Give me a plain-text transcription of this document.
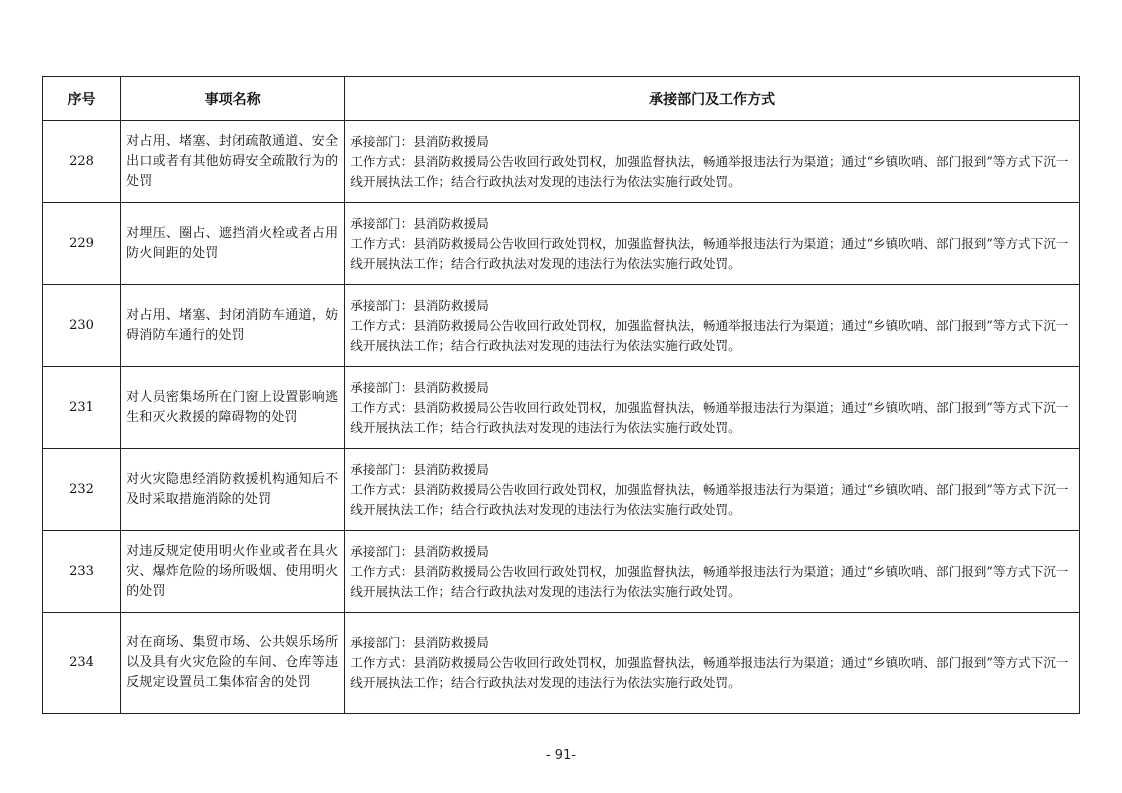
序号	事项名称	承接部门及工作方式
228	对占用、堵塞、封闭疏散通道、安全出口或者有其他妨碍安全疏散行为的处罚	承接部门：县消防救援局
工作方式：县消防救援局公告收回行政处罚权，加强监督执法，畅通举报违法行为渠道；通过“乡镇吹哨、部门报到”等方式下沉一线开展执法工作；结合行政执法对发现的违法行为依法实施行政处罚。

229	对埋压、圈占、遮挡消火栓或者占用防火间距的处罚	承接部门：县消防救援局
工作方式：县消防救援局公告收回行政处罚权，加强监督执法，畅通举报违法行为渠道；通过“乡镇吹哨、部门报到”等方式下沉一线开展执法工作；结合行政执法对发现的违法行为依法实施行政处罚。

230	对占用、堵塞、封闭消防车通道，妨碍消防车通行的处罚	承接部门：县消防救援局
工作方式：县消防救援局公告收回行政处罚权，加强监督执法，畅通举报违法行为渠道；通过“乡镇吹哨、部门报到”等方式下沉一线开展执法工作；结合行政执法对发现的违法行为依法实施行政处罚。

231	对人员密集场所在门窗上设置影响逃生和灭火救援的障碍物的处罚	承接部门：县消防救援局
工作方式：县消防救援局公告收回行政处罚权，加强监督执法，畅通举报违法行为渠道；通过“乡镇吹哨、部门报到”等方式下沉一线开展执法工作；结合行政执法对发现的违法行为依法实施行政处罚。

232	对火灾隐患经消防救援机构通知后不及时采取措施消除的处罚	承接部门：县消防救援局
工作方式：县消防救援局公告收回行政处罚权，加强监督执法，畅通举报违法行为渠道；通过“乡镇吹哨、部门报到”等方式下沉一线开展执法工作；结合行政执法对发现的违法行为依法实施行政处罚。

233	对违反规定使用明火作业或者在具火灾、爆炸危险的场所吸烟、使用明火的处罚	承接部门：县消防救援局
工作方式：县消防救援局公告收回行政处罚权，加强监督执法，畅通举报违法行为渠道；通过“乡镇吹哨、部门报到”等方式下沉一线开展执法工作；结合行政执法对发现的违法行为依法实施行政处罚。

234	对在商场、集贸市场、公共娱乐场所以及具有火灾危险的车间、仓库等违反规定设置员工集体宿舍的处罚	承接部门：县消防救援局
工作方式：县消防救援局公告收回行政处罚权，加强监督执法，畅通举报违法行为渠道；通过“乡镇吹哨、部门报到”等方式下沉一线开展执法工作；结合行政执法对发现的违法行为依法实施行政处罚。
- 91-
